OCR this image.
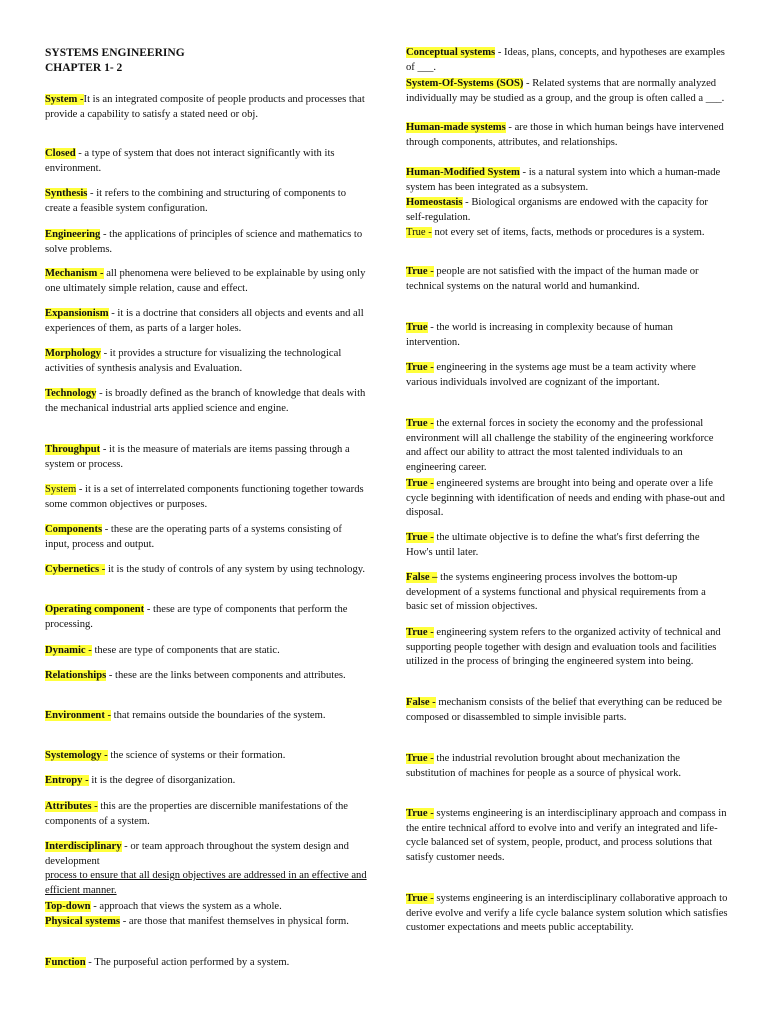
SYSTEMS ENGINEERING
CHAPTER 1- 2

System -It is an integrated composite of people products and processes that provide a capability to satisfy a stated need or obj.

Closed - a type of system that does not interact significantly with its environment.

Synthesis - it refers to the combining and structuring of components to create a feasible system configuration.

Engineering - the applications of principles of science and mathematics to solve problems.

Mechanism - all phenomena were believed to be explainable by using only one ultimately simple relation, cause and effect.

Expansionism - it is a doctrine that considers all objects and events and all experiences of them, as parts of a larger holes.

Morphology - it provides a structure for visualizing the technological activities of synthesis analysis and Evaluation.

Technology - is broadly defined as the branch of knowledge that deals with the mechanical industrial arts applied science and engine.

Throughput - it is the measure of materials are items passing through a system or process.

System - it is a set of interrelated components functioning together towards some common objectives or purposes.

Components - these are the operating parts of a systems consisting of input, process and output.

Cybernetics - it is the study of controls of any system by using technology.

Operating component - these are type of components that perform the processing.

Dynamic - these are type of components that are static.

Relationships - these are the links between components and attributes.

Environment - that remains outside the boundaries of the system.

Systemology - the science of systems or their formation.

Entropy - it is the degree of disorganization.

Attributes - this are the properties are discernible manifestations of the components of a system.

Interdisciplinary - or team approach throughout the system design and development
process to ensure that all design objectives are addressed in an effective and efficient manner.

Top-down - approach that views the system as a whole.

Physical systems - are those that manifest themselves in physical form.

Function - The purposeful action performed by a system.

Conceptual systems - Ideas, plans, concepts, and hypotheses are examples of ___.

System-Of-Systems (SOS) - Related systems that are normally analyzed individually may be studied as a group, and the group is often called a ___.

Human-made systems - are those in which human beings have intervened through components, attributes, and relationships.

Human-Modified System - is a natural system into which a human-made system has been integrated as a subsystem.

Homeostasis - Biological organisms are endowed with the capacity for self-regulation.

True - not every set of items, facts, methods or procedures is a system.

True - people are not satisfied with the impact of the human made or technical systems on the natural world and humankind.

True - the world is increasing in complexity because of human intervention.

True - engineering in the systems age must be a team activity where various individuals involved are cognizant of the important.

True - the external forces in society the economy and the professional environment will all challenge the stability of the engineering workforce and affect our ability to attract the most talented individuals to an engineering career.

True - engineered systems are brought into being and operate over a life cycle beginning with identification of needs and ending with phase-out and disposal.

True - the ultimate objective is to define the what's first deferring the How's until later.

False – the systems engineering process involves the bottom-up development of a systems functional and physical requirements from a basic set of mission objectives.

True - engineering system refers to the organized activity of technical and supporting people together with design and evaluation tools and facilities utilized in the process of bringing the engineered system into being.

False - mechanism consists of the belief that everything can be reduced be composed or disassembled to simple invisible parts.

True - the industrial revolution brought about mechanization the substitution of machines for people as a source of physical work.

True - systems engineering is an interdisciplinary approach and compass in the entire technical afford to evolve into and verify an integrated and life-cycle balanced set of system, people, product, and process solutions that satisfy customer needs.

True - systems engineering is an interdisciplinary collaborative approach to derive evolve and verify a life cycle balance system solution which satisfies customer expectations and meets public acceptability.
